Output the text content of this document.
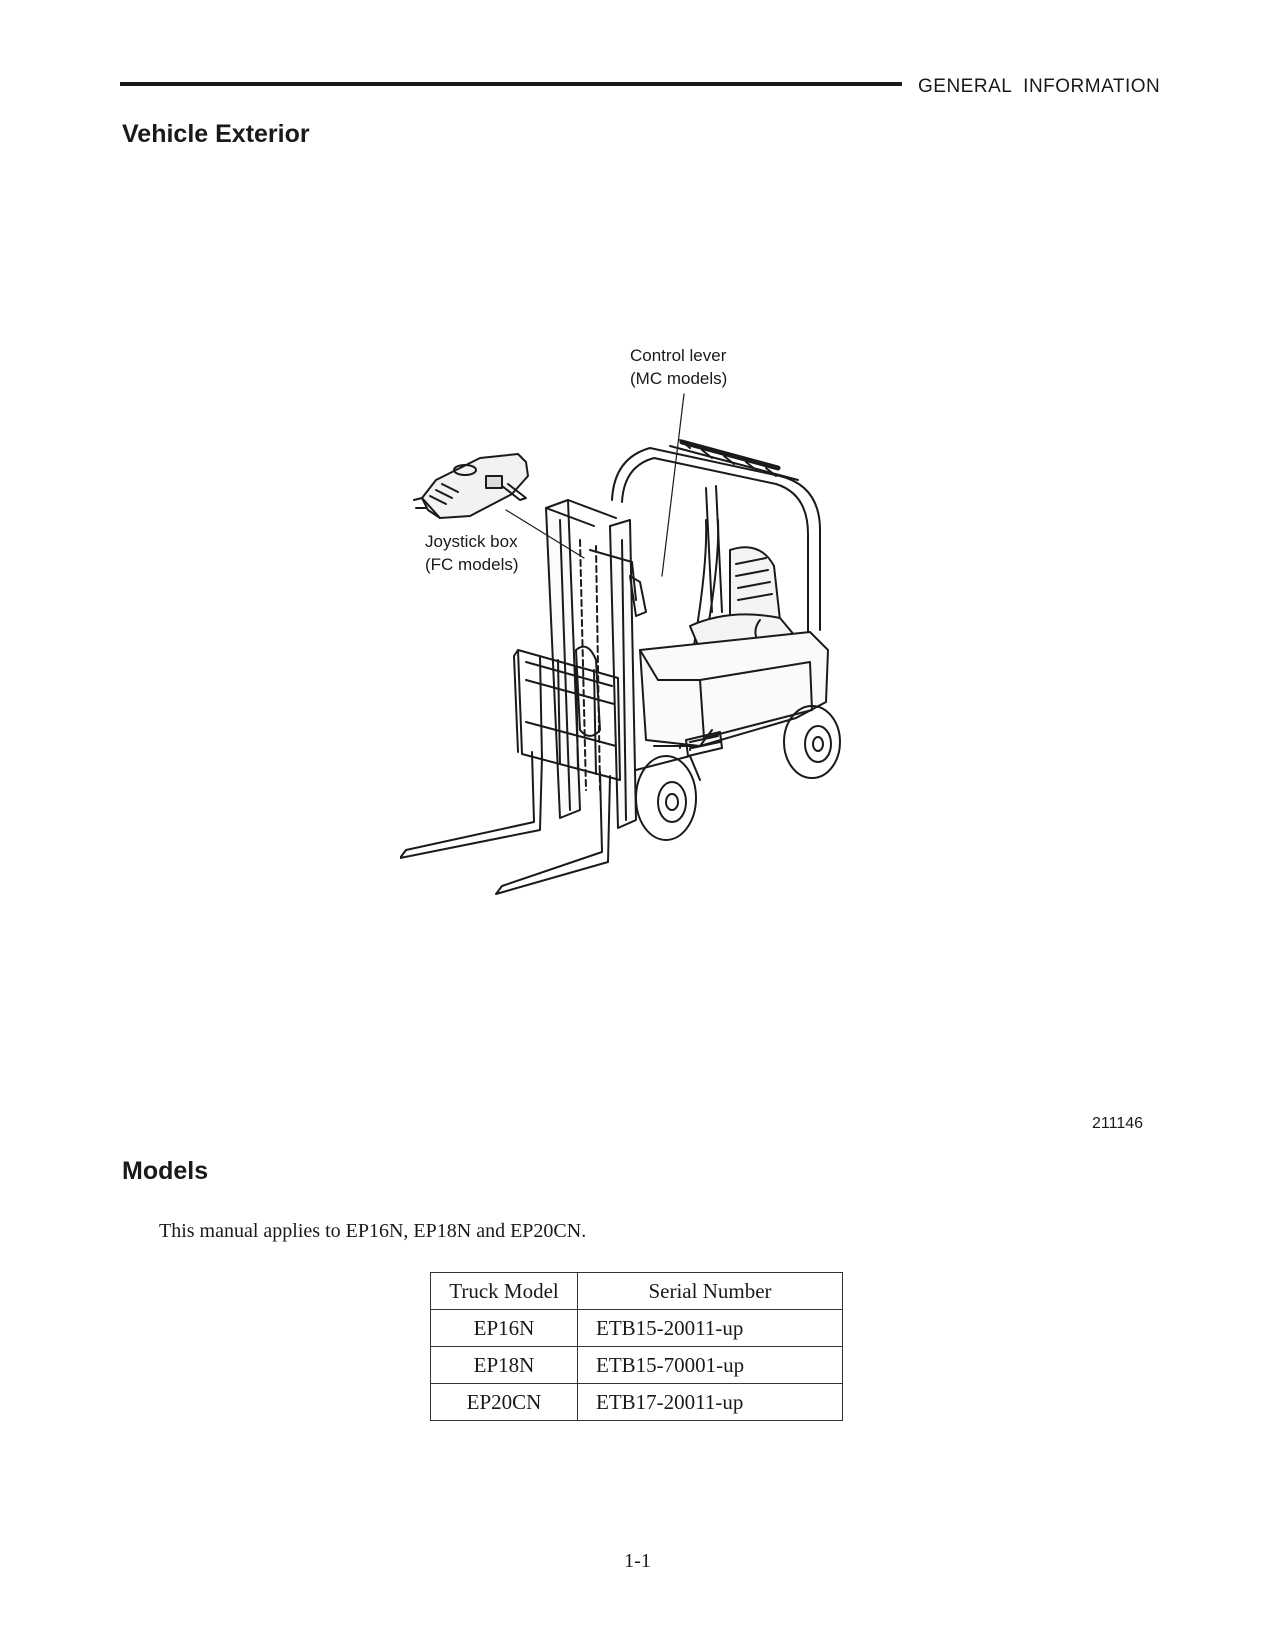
GENERAL  INFORMATION
Vehicle Exterior
Control lever
(MC models)
Joystick box
(FC models)
211146
Models

This manual applies to EP16N, EP18N and EP20CN.

Truck Model	Serial Number
EP16N	ETB15-20011-up
EP18N	ETB15-70001-up
EP20CN	ETB17-20011-up
1-1
